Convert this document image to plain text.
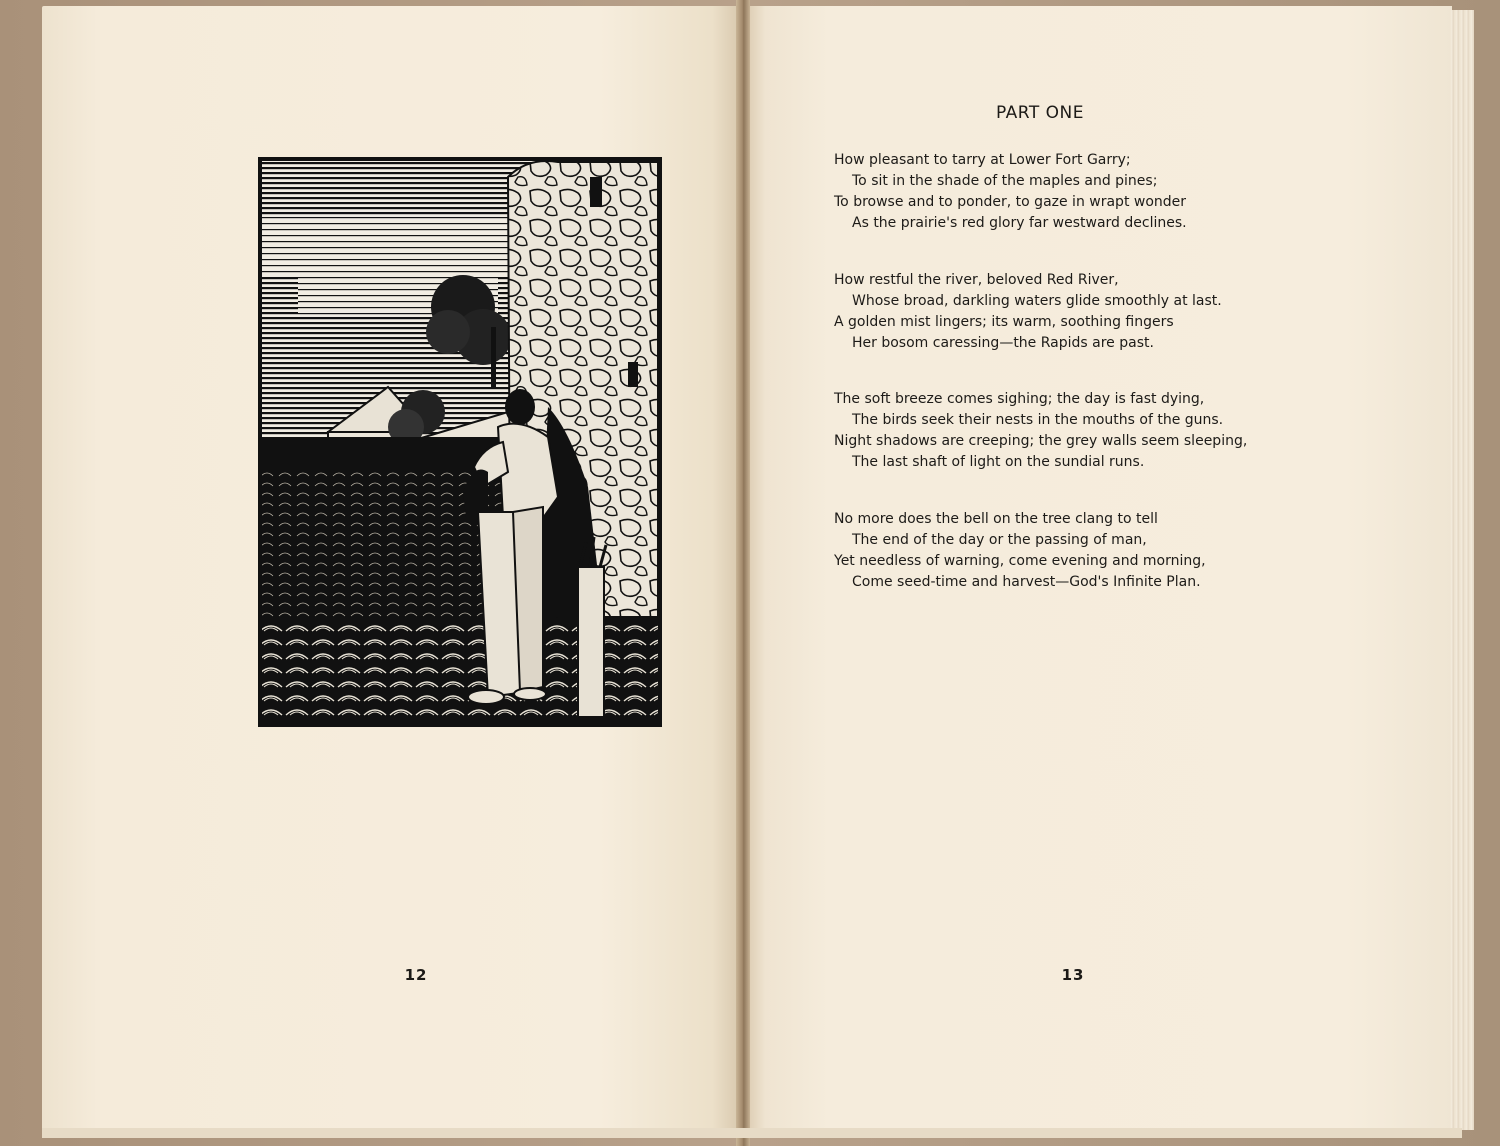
12
PART ONE
How pleasant to tarry at Lower Fort Garry;
To sit in the shade of the maples and pines;
To browse and to ponder, to gaze in wrapt wonder
As the prairie's red glory far westward declines.
How restful the river, beloved Red River,
Whose broad, darkling waters glide smoothly at last.
A golden mist lingers; its warm, soothing fingers
Her bosom caressing—the Rapids are past.
The soft breeze comes sighing; the day is fast dying,
The birds seek their nests in the mouths of the guns.
Night shadows are creeping; the grey walls seem sleeping,
The last shaft of light on the sundial runs.
No more does the bell on the tree clang to tell
The end of the day or the passing of man,
Yet needless of warning, come evening and morning,
Come seed-time and harvest—God's Infinite Plan.
13
